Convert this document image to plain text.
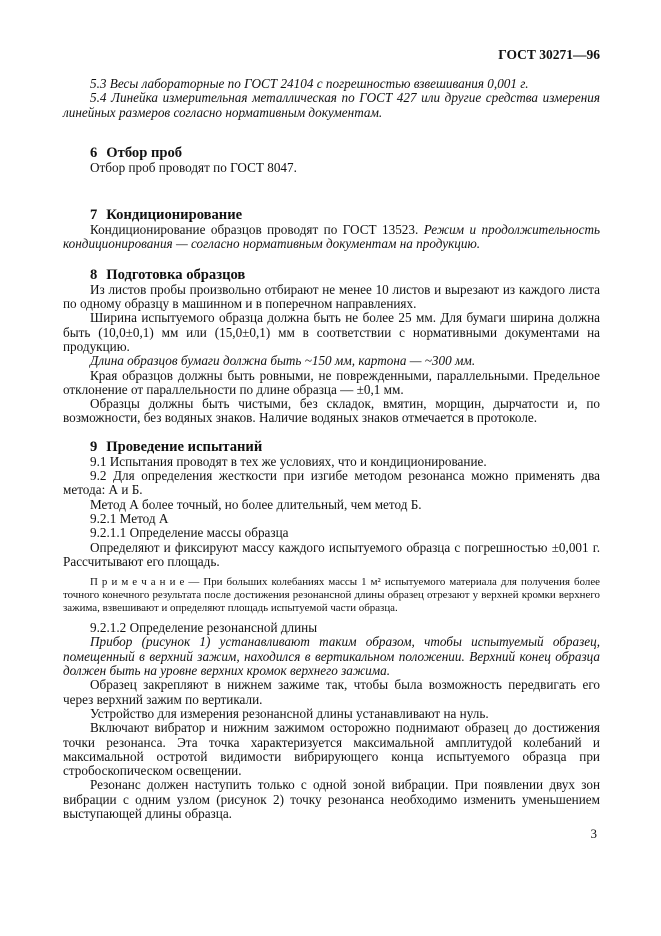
ГОСТ 30271—96

5.3 Весы лабораторные по ГОСТ 24104 с погрешностью взвешивания 0,001 г.

5.4 Линейка измерительная металлическая по ГОСТ 427 или другие средства измерения линейных размеров согласно нормативным документам.

6 Отбор проб

Отбор проб проводят по ГОСТ 8047.

7 Кондиционирование

Кондиционирование образцов проводят по ГОСТ 13523. Режим и продолжительность кондиционирования — согласно нормативным документам на продукцию.

8 Подготовка образцов

Из листов пробы произвольно отбирают не менее 10 листов и вырезают из каждого листа по одному образцу в машинном и в поперечном направлениях.

Ширина испытуемого образца должна быть не более 25 мм. Для бумаги ширина должна быть (10,0±0,1) мм или (15,0±0,1) мм в соответствии с нормативными документами на продукцию.

Длина образцов бумаги должна быть ~150 мм, картона — ~300 мм.

Края образцов должны быть ровными, не поврежденными, параллельными. Предельное отклонение от параллельности по длине образца — ±0,1 мм.

Образцы должны быть чистыми, без складок, вмятин, морщин, дырчатости и, по возможности, без водяных знаков. Наличие водяных знаков отмечается в протоколе.

9 Проведение испытаний

9.1 Испытания проводят в тех же условиях, что и кондиционирование.

9.2 Для определения жесткости при изгибе методом резонанса можно применять два метода: А и Б.

Метод А более точный, но более длительный, чем метод Б.

9.2.1 Метод А

9.2.1.1 Определение массы образца

Определяют и фиксируют массу каждого испытуемого образца с погрешностью ±0,001 г. Рассчитывают его площадь.

П р и м е ч а н и е — При больших колебаниях массы 1 м² испытуемого материала для получения более точного конечного результата после достижения резонансной длины образец отрезают у верхней кромки верхнего зажима, взвешивают и определяют площадь испытуемой части образца.

9.2.1.2 Определение резонансной длины

Прибор (рисунок 1) устанавливают таким образом, чтобы испытуемый образец, помещенный в верхний зажим, находился в вертикальном положении. Верхний конец образца должен быть на уровне верхних кромок верхнего зажима.

Образец закрепляют в нижнем зажиме так, чтобы была возможность передвигать его через верхний зажим по вертикали.

Устройство для измерения резонансной длины устанавливают на нуль.

Включают вибратор и нижним зажимом осторожно поднимают образец до достижения точки резонанса. Эта точка характеризуется максимальной амплитудой колебаний и максимальной остротой видимости вибрирующего конца испытуемого образца при стробоскопическом освещении.

Резонанс должен наступить только с одной зоной вибрации. При появлении двух зон вибрации с одним узлом (рисунок 2) точку резонанса необходимо изменить уменьшением выступающей длины образца.

3
